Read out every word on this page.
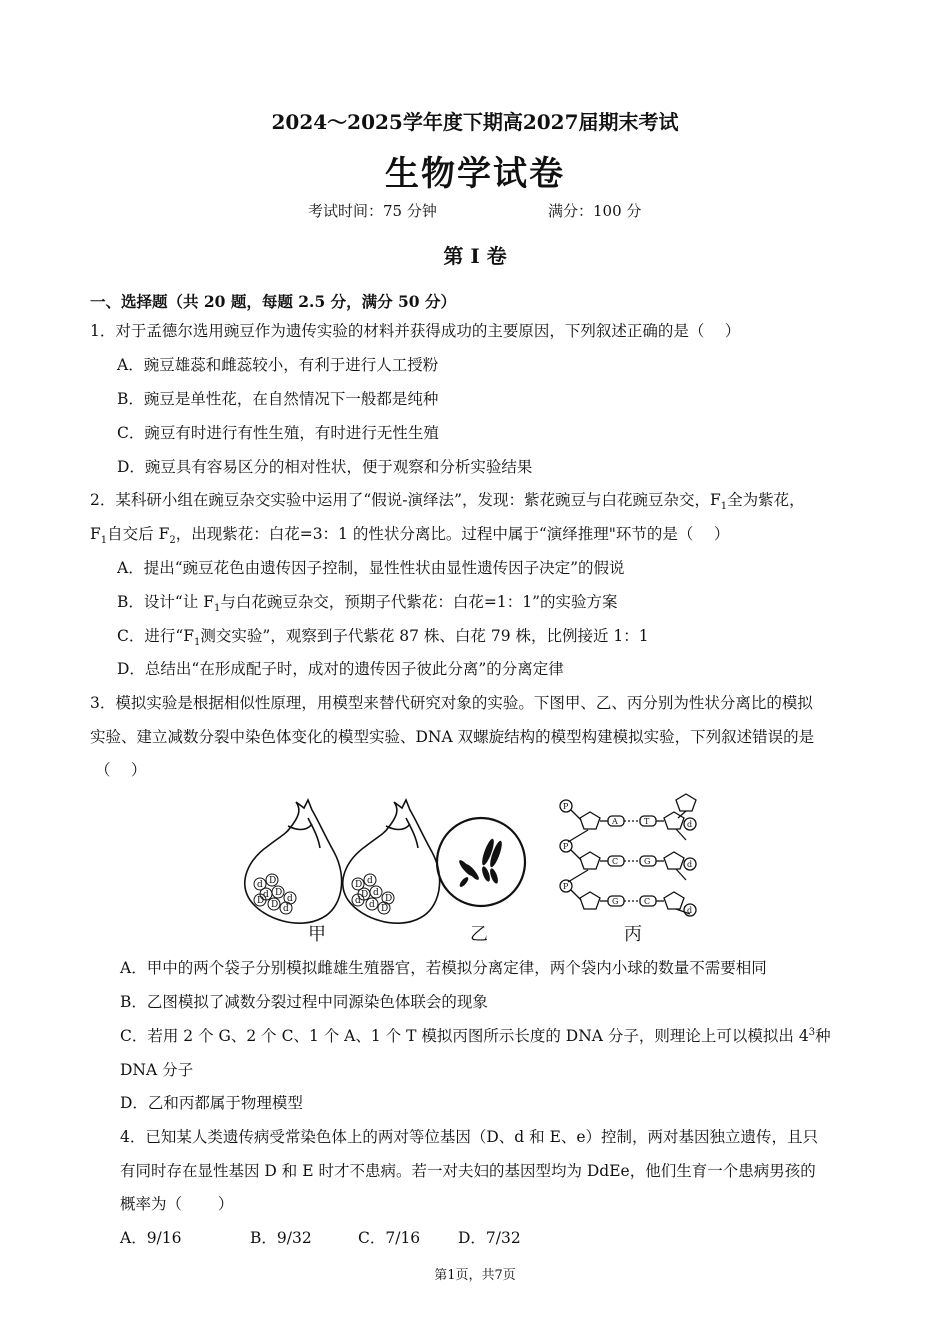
2024～2025学年度下期高2027届期末考试
生物学试卷
考试时间：75 分钟	满分：100 分
第 I 卷
一、选择题（共 20 题，每题 2.5 分，满分 50 分）
1．对于孟德尔选用豌豆作为遗传实验的材料并获得成功的主要原因，下列叙述正确的是（　 ）
A．豌豆雄蕊和雌蕊较小，有利于进行人工授粉
B．豌豆是单性花，在自然情况下一般都是纯种
C．豌豆有时进行有性生殖，有时进行无性生殖
D．豌豆具有容易区分的相对性状，便于观察和分析实验结果
2．某科研小组在豌豆杂交实验中运用了“假说-演绎法”，发现：紫花豌豆与白花豌豆杂交，$F_1$全为紫花，
$F_1$自交后 $F_2$，出现紫花：白花=3：1 的性状分离比。过程中属于“演绎推理"环节的是（　 ）
A．提出“豌豆花色由遗传因子控制，显性性状由显性遗传因子决定”的假说
B．设计“让 $F_1$与白花豌豆杂交，预期子代紫花：白花=1：1”的实验方案
C．进行“$F_1$测交实验”，观察到子代紫花 87 株、白花 79 株，比例接近 1：1
D．总结出“在形成配子时，成对的遗传因子彼此分离”的分离定律
3．模拟实验是根据相似性原理，用模型来替代研究对象的实验。下图甲、乙、丙分别为性状分离比的模拟
实验、建立减数分裂中染色体变化的模型实验、DNA 双螺旋结构的模型构建模拟实验，下列叙述错误的是
（　 ）
d D
d D
d
D d
D
D d
D d
D
d D
d
P
P
P
A
C
G
T
G
C
d
d
d
甲	乙	丙
A．甲中的两个袋子分别模拟雌雄生殖器官，若模拟分离定律，两个袋内小球的数量不需要相同
B．乙图模拟了减数分裂过程中同源染色体联会的现象
C．若用 2 个 G、2 个 C、1 个 A、1 个 T 模拟丙图所示长度的 DNA 分子，则理论上可以模拟出 $4^3$种
DNA 分子
D．乙和丙都属于物理模型
4．已知某人类遗传病受常染色体上的两对等位基因（D、d 和 E、e）控制，两对基因独立遗传，且只
有同时存在显性基因 D 和 E 时才不患病。若一对夫妇的基因型均为 DdEe，他们生育一个患病男孩的
概率为（　 　）
A．9/16	B．9/32	C．7/16 D．7/32
第1页，共7页
